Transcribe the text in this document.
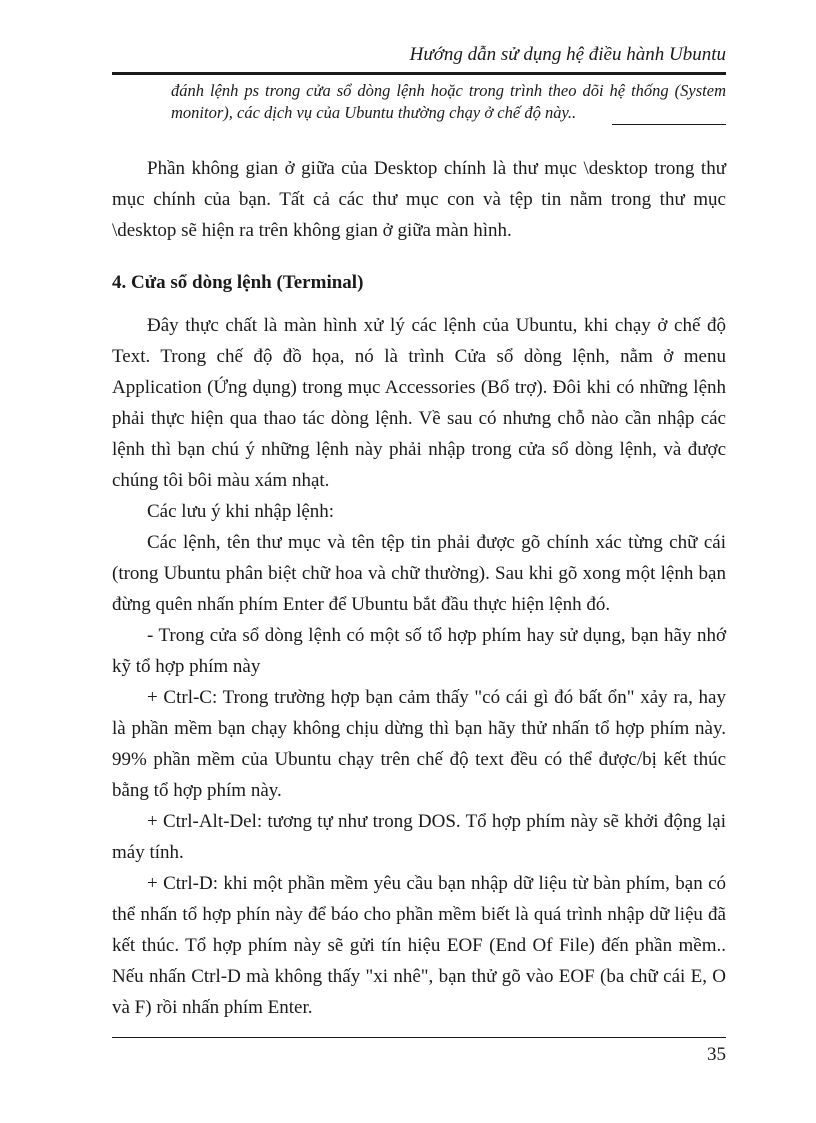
Hướng dẫn sử dụng hệ điều hành Ubuntu
đánh lệnh ps trong cửa sổ dòng lệnh hoặc trong trình theo dõi hệ thống (System monitor), các dịch vụ của Ubuntu thường chạy ở chế độ này..

Phần không gian ở giữa của Desktop chính là thư mục \desktop trong thư mục chính của bạn. Tất cả các thư mục con và tệp tin nằm trong thư mục \desktop sẽ hiện ra trên không gian ở giữa màn hình.

4. Cửa sổ dòng lệnh (Terminal)

Đây thực chất là màn hình xử lý các lệnh của Ubuntu, khi chạy ở chế độ Text. Trong chế độ đồ họa, nó là trình Cửa sổ dòng lệnh, nằm ở menu Application (Ứng dụng) trong mục Accessories (Bổ trợ). Đôi khi có những lệnh phải thực hiện qua thao tác dòng lệnh. Về sau có nhưng chỗ nào cần nhập các lệnh thì bạn chú ý những lệnh này phải nhập trong cửa sổ dòng lệnh, và được chúng tôi bôi màu xám nhạt.

Các lưu ý khi nhập lệnh:

Các lệnh, tên thư mục và tên tệp tin phải được gõ chính xác từng chữ cái (trong Ubuntu phân biệt chữ hoa và chữ thường). Sau khi gõ xong một lệnh bạn đừng quên nhấn phím Enter để Ubuntu bắt đầu thực hiện lệnh đó.

- Trong cửa sổ dòng lệnh có một số tổ hợp phím hay sử dụng, bạn hãy nhớ kỹ tổ hợp phím này

+ Ctrl-C: Trong trường hợp bạn cảm thấy "có cái gì đó bất ổn" xảy ra, hay là phần mềm bạn chạy không chịu dừng thì bạn hãy thử nhấn tổ hợp phím này. 99% phần mềm của Ubuntu chạy trên chế độ text đều có thể được/bị kết thúc bằng tổ hợp phím này.

+ Ctrl-Alt-Del: tương tự như trong DOS. Tổ hợp phím này sẽ khởi động lại máy tính.

+ Ctrl-D: khi một phần mềm yêu cầu bạn nhập dữ liệu từ bàn phím, bạn có thể nhấn tổ hợp phín này để báo cho phần mềm biết là quá trình nhập dữ liệu đã kết thúc. Tổ hợp phím này sẽ gửi tín hiệu EOF (End Of File) đến phần mềm.. Nếu nhấn Ctrl-D mà không thấy "xi nhê", bạn thử gõ vào EOF (ba chữ cái E, O và F) rồi nhấn phím Enter.

35
